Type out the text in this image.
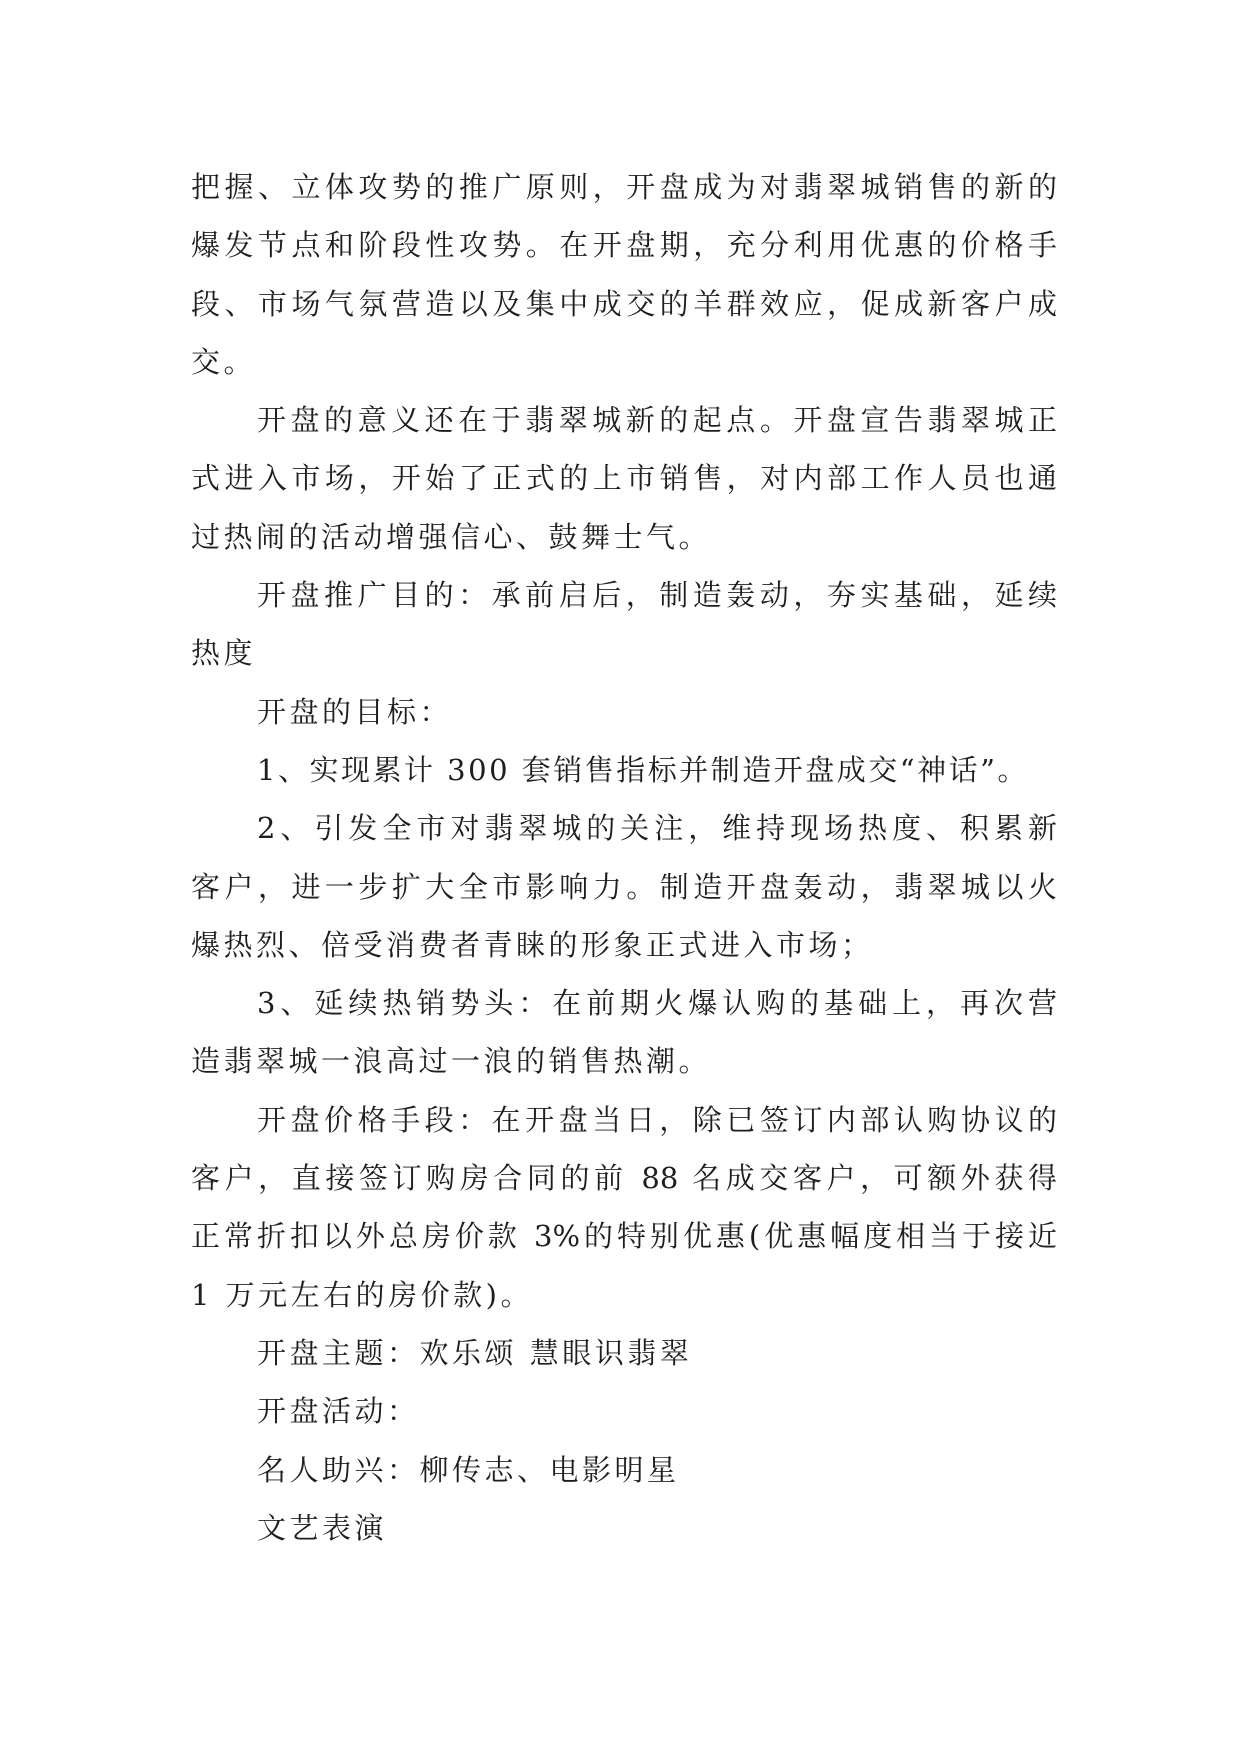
把握、立体攻势的推广原则，开盘成为对翡翠城销售的新的
爆发节点和阶段性攻势。在开盘期，充分利用优惠的价格手
段、市场气氛营造以及集中成交的羊群效应，促成新客户成
交。
开盘的意义还在于翡翠城新的起点。开盘宣告翡翠城正
式进入市场，开始了正式的上市销售，对内部工作人员也通
过热闹的活动增强信心、鼓舞士气。
开盘推广目的：承前启后，制造轰动，夯实基础，延续
热度
开盘的目标：
1、实现累计 300 套销售指标并制造开盘成交“神话”。
2、引发全市对翡翠城的关注，维持现场热度、积累新
客户，进一步扩大全市影响力。制造开盘轰动，翡翠城以火
爆热烈、倍受消费者青睐的形象正式进入市场；
3、延续热销势头：在前期火爆认购的基础上，再次营
造翡翠城一浪高过一浪的销售热潮。
开盘价格手段：在开盘当日，除已签订内部认购协议的
客户，直接签订购房合同的前 88 名成交客户，可额外获得
正常折扣以外总房价款 3%的特别优惠(优惠幅度相当于接近
1 万元左右的房价款)。
开盘主题：欢乐颂 慧眼识翡翠
开盘活动：
名人助兴：柳传志、电影明星
文艺表演
